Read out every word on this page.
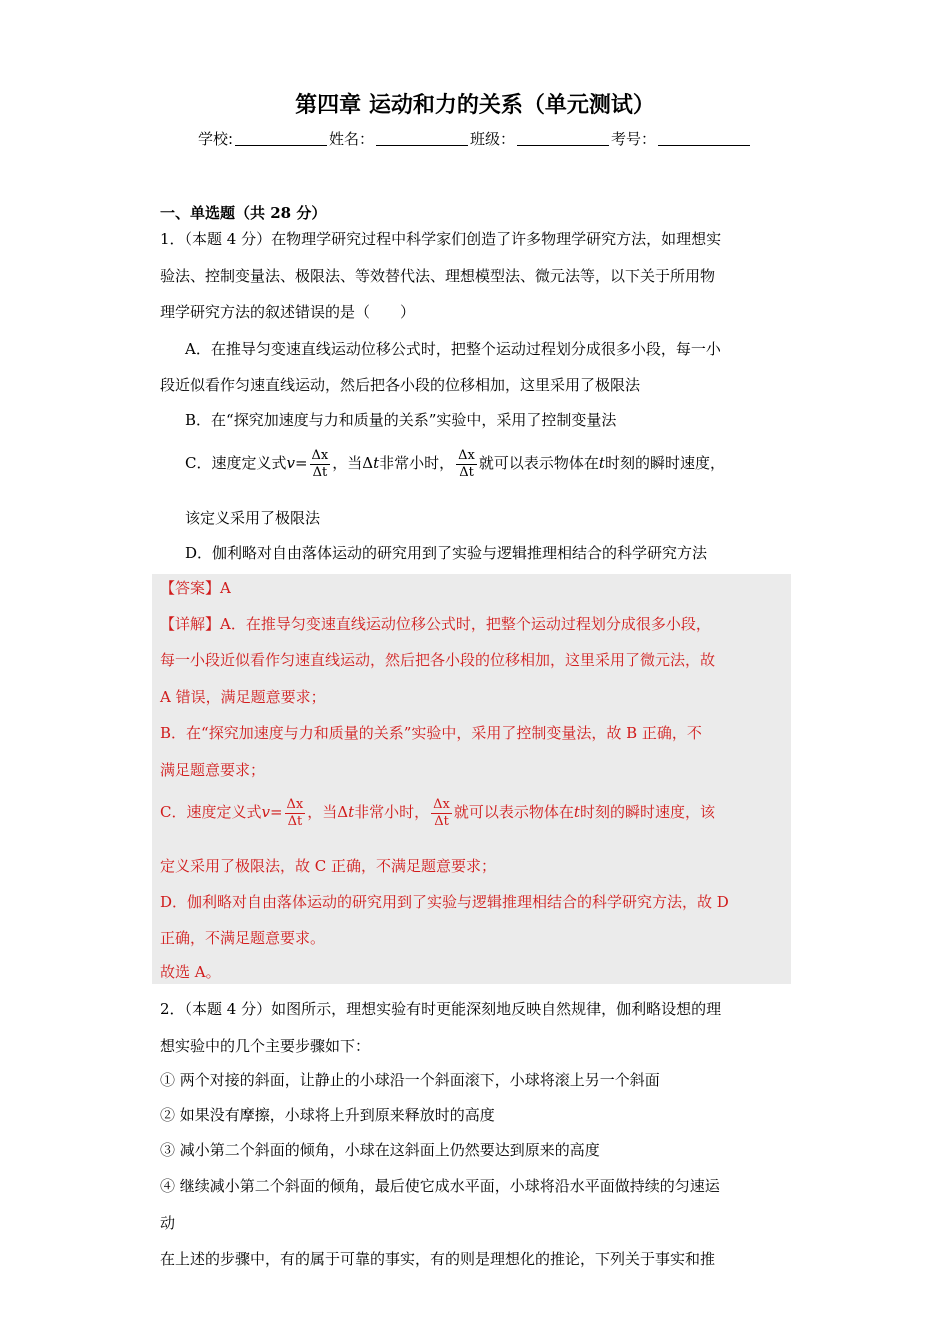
第四章 运动和力的关系（单元测试）
学校:	姓名：	班级：	考号：
一、单选题（共 28 分）
1．（本题 4 分）在物理学研究过程中科学家们创造了许多物理学研究方法，如理想实
验法、控制变量法、极限法、等效替代法、理想模型法、微元法等，以下关于所用物
理学研究方法的叙述错误的是（　　）
A．在推导匀变速直线运动位移公式时，把整个运动过程划分成很多小段，每一小
段近似看作匀速直线运动，然后把各小段的位移相加，这里采用了极限法
B．在“探究加速度与力和质量的关系”实验中，采用了控制变量法
C．速度定义式$v= \frac{\Delta x}{\Delta t}$ ，当Δt非常小时， $\frac{\Delta x}{\Delta t}$ 就可以表示物体在t时刻的瞬时速度，
该定义采用了极限法
D．伽利略对自由落体运动的研究用到了实验与逻辑推理相结合的科学研究方法
【答案】A
【详解】A．在推导匀变速直线运动位移公式时，把整个运动过程划分成很多小段，
每一小段近似看作匀速直线运动，然后把各小段的位移相加，这里采用了微元法，故
A 错误，满足题意要求；
B．在“探究加速度与力和质量的关系”实验中，采用了控制变量法，故 B 正确，不
满足题意要求；
C．速度定义式$v= \frac{\Delta x}{\Delta t}$ ，当Δt非常小时， $\frac{\Delta x}{\Delta t}$ 就可以表示物体在t时刻的瞬时速度，该
定义采用了极限法，故 C 正确，不满足题意要求；
D．伽利略对自由落体运动的研究用到了实验与逻辑推理相结合的科学研究方法，故 D
正确，不满足题意要求。
故选 A。
2．（本题 4 分）如图所示，理想实验有时更能深刻地反映自然规律，伽利略设想的理
想实验中的几个主要步骤如下：
① 两个对接的斜面，让静止的小球沿一个斜面滚下，小球将滚上另一个斜面
② 如果没有摩擦，小球将上升到原来释放时的高度
③ 减小第二个斜面的倾角，小球在这斜面上仍然要达到原来的高度
④ 继续减小第二个斜面的倾角，最后使它成水平面，小球将沿水平面做持续的匀速运
动
在上述的步骤中，有的属于可靠的事实，有的则是理想化的推论，下列关于事实和推
